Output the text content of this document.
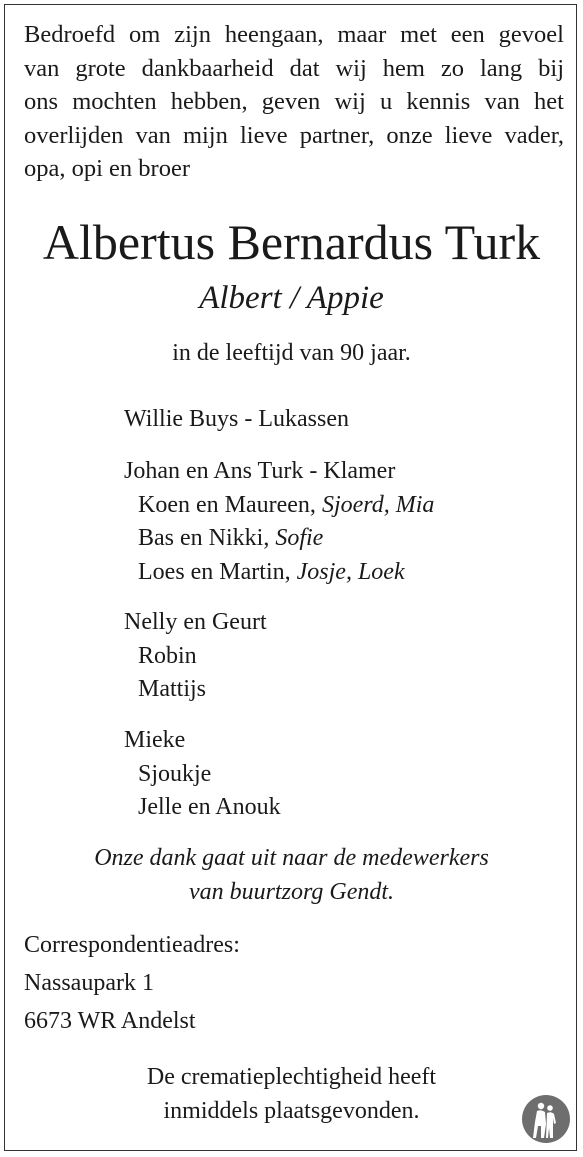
Bedroefd om zijn heengaan, maar met een gevoel
van grote dankbaarheid dat wij hem zo lang bij
ons mochten hebben, geven wij u kennis van het
overlijden van mijn lieve partner, onze lieve vader,
opa, opi en broer

Albertus Bernardus Turk

Albert / Appie

in de leeftijd van 90 jaar.

Willie Buys - Lukassen
Johan en Ans Turk - Klamer
Koen en Maureen, Sjoerd, Mia
Bas en Nikki, Sofie
Loes en Martin, Josje, Loek
Nelly en Geurt
Robin
Mattijs
Mieke
Sjoukje
Jelle en Anouk

Onze dank gaat uit naar de medewerkers
van buurtzorg Gendt.

Correspondentieadres:
Nassaupark 1
6673 WR Andelst

De crematieplechtigheid heeft
inmiddels plaatsgevonden.
